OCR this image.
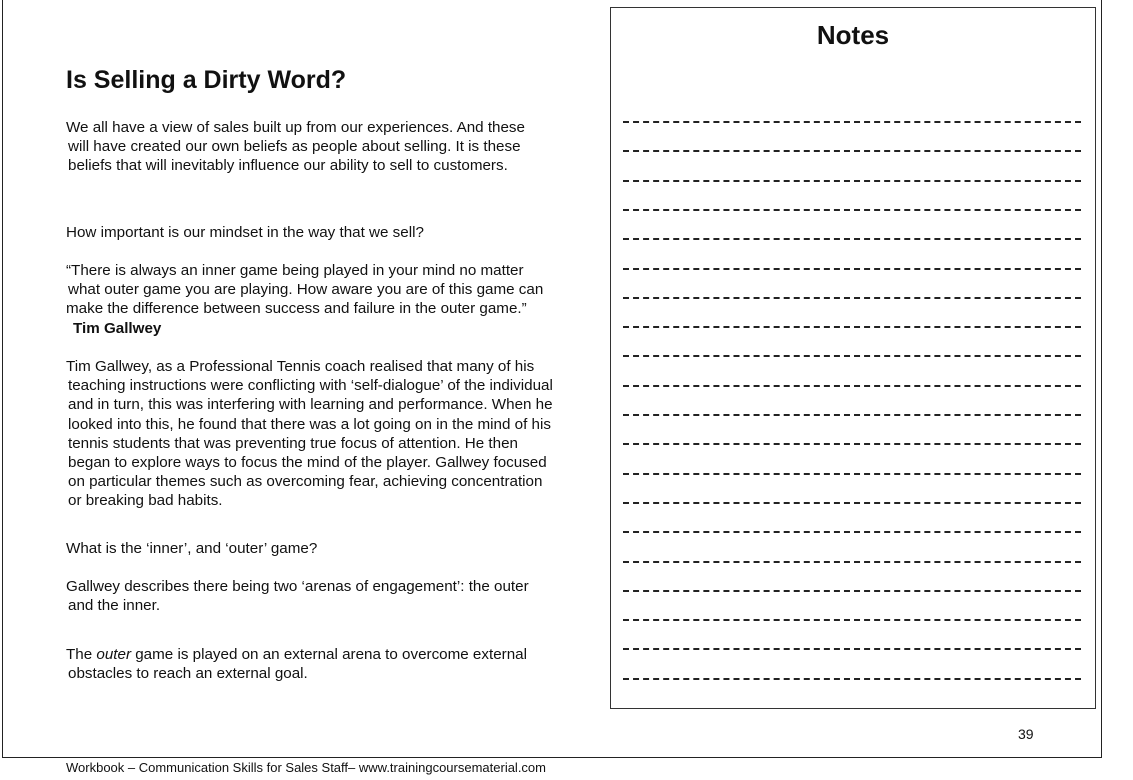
Is Selling a Dirty Word?

We all have a view of sales built up from our experiences. And these
will have created our own beliefs as people about selling. It is these
beliefs that will inevitably influence our ability to sell to customers.

How important is our mindset in the way that we sell?

“There is always an inner game being played in your mind no matter
what outer game you are playing. How aware you are of this game can
make the difference between success and failure in the outer game.”
Tim Gallwey

Tim Gallwey, as a Professional Tennis coach realised that many of his
teaching instructions were conflicting with ‘self-dialogue’ of the individual
and in turn, this was interfering with learning and performance. When he
looked into this, he found that there was a lot going on in the mind of his
tennis students that was preventing true focus of attention. He then
began to explore ways to focus the mind of the player. Gallwey focused
on particular themes such as overcoming fear, achieving concentration
or breaking bad habits.

What is the ‘inner’, and ‘outer’ game?

Gallwey describes there being two ‘arenas of engagement’: the outer
and the inner.

The outer game is played on an external arena to overcome external
obstacles to reach an external goal.

Notes
39
Workbook – Communication Skills for Sales Staff– www.trainingcoursematerial.com
